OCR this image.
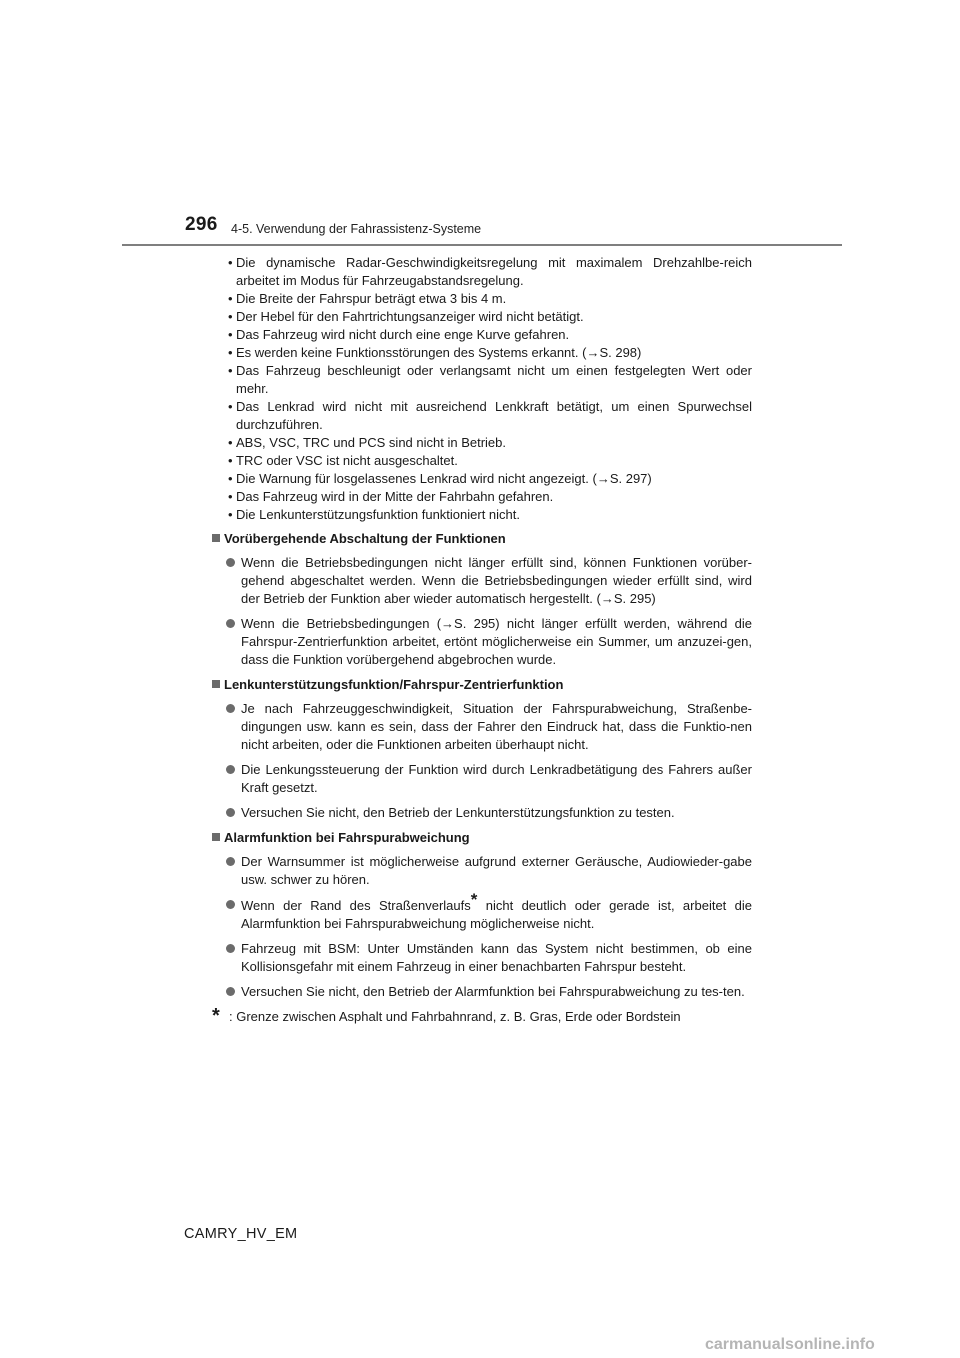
296 4-5. Verwendung der Fahrassistenz-Systeme
• Die dynamische Radar-Geschwindigkeitsregelung mit maximalem Drehzahlbe-reich arbeitet im Modus für Fahrzeugabstandsregelung.
• Die Breite der Fahrspur beträgt etwa 3 bis 4 m.
• Der Hebel für den Fahrtrichtungsanzeiger wird nicht betätigt.
• Das Fahrzeug wird nicht durch eine enge Kurve gefahren.
• Es werden keine Funktionsstörungen des Systems erkannt. (→S. 298)
• Das Fahrzeug beschleunigt oder verlangsamt nicht um einen festgelegten Wert oder mehr.
• Das Lenkrad wird nicht mit ausreichend Lenkkraft betätigt, um einen Spurwechsel durchzuführen.
• ABS, VSC, TRC und PCS sind nicht in Betrieb.
• TRC oder VSC ist nicht ausgeschaltet.
• Die Warnung für losgelassenes Lenkrad wird nicht angezeigt. (→S. 297)
• Das Fahrzeug wird in der Mitte der Fahrbahn gefahren.
• Die Lenkunterstützungsfunktion funktioniert nicht.
Vorübergehende Abschaltung der Funktionen
Wenn die Betriebsbedingungen nicht länger erfüllt sind, können Funktionen vorüber-gehend abgeschaltet werden. Wenn die Betriebsbedingungen wieder erfüllt sind, wird der Betrieb der Funktion aber wieder automatisch hergestellt. (→S. 295)
Wenn die Betriebsbedingungen (→S. 295) nicht länger erfüllt werden, während die Fahrspur-Zentrierfunktion arbeitet, ertönt möglicherweise ein Summer, um anzuzei-gen, dass die Funktion vorübergehend abgebrochen wurde.
Lenkunterstützungsfunktion/Fahrspur-Zentrierfunktion
Je nach Fahrzeuggeschwindigkeit, Situation der Fahrspurabweichung, Straßenbe-dingungen usw. kann es sein, dass der Fahrer den Eindruck hat, dass die Funktio-nen nicht arbeiten, oder die Funktionen arbeiten überhaupt nicht.
Die Lenkungssteuerung der Funktion wird durch Lenkradbetätigung des Fahrers außer Kraft gesetzt.
Versuchen Sie nicht, den Betrieb der Lenkunterstützungsfunktion zu testen.
Alarmfunktion bei Fahrspurabweichung
Der Warnsummer ist möglicherweise aufgrund externer Geräusche, Audiowieder-gabe usw. schwer zu hören.
Wenn der Rand des Straßenverlaufs* nicht deutlich oder gerade ist, arbeitet die Alarmfunktion bei Fahrspurabweichung möglicherweise nicht.
Fahrzeug mit BSM: Unter Umständen kann das System nicht bestimmen, ob eine Kollisionsgefahr mit einem Fahrzeug in einer benachbarten Fahrspur besteht.
Versuchen Sie nicht, den Betrieb der Alarmfunktion bei Fahrspurabweichung zu tes-ten.
* : Grenze zwischen Asphalt und Fahrbahnrand, z. B. Gras, Erde oder Bordstein
CAMRY_HV_EM
carmanualsonline.info
